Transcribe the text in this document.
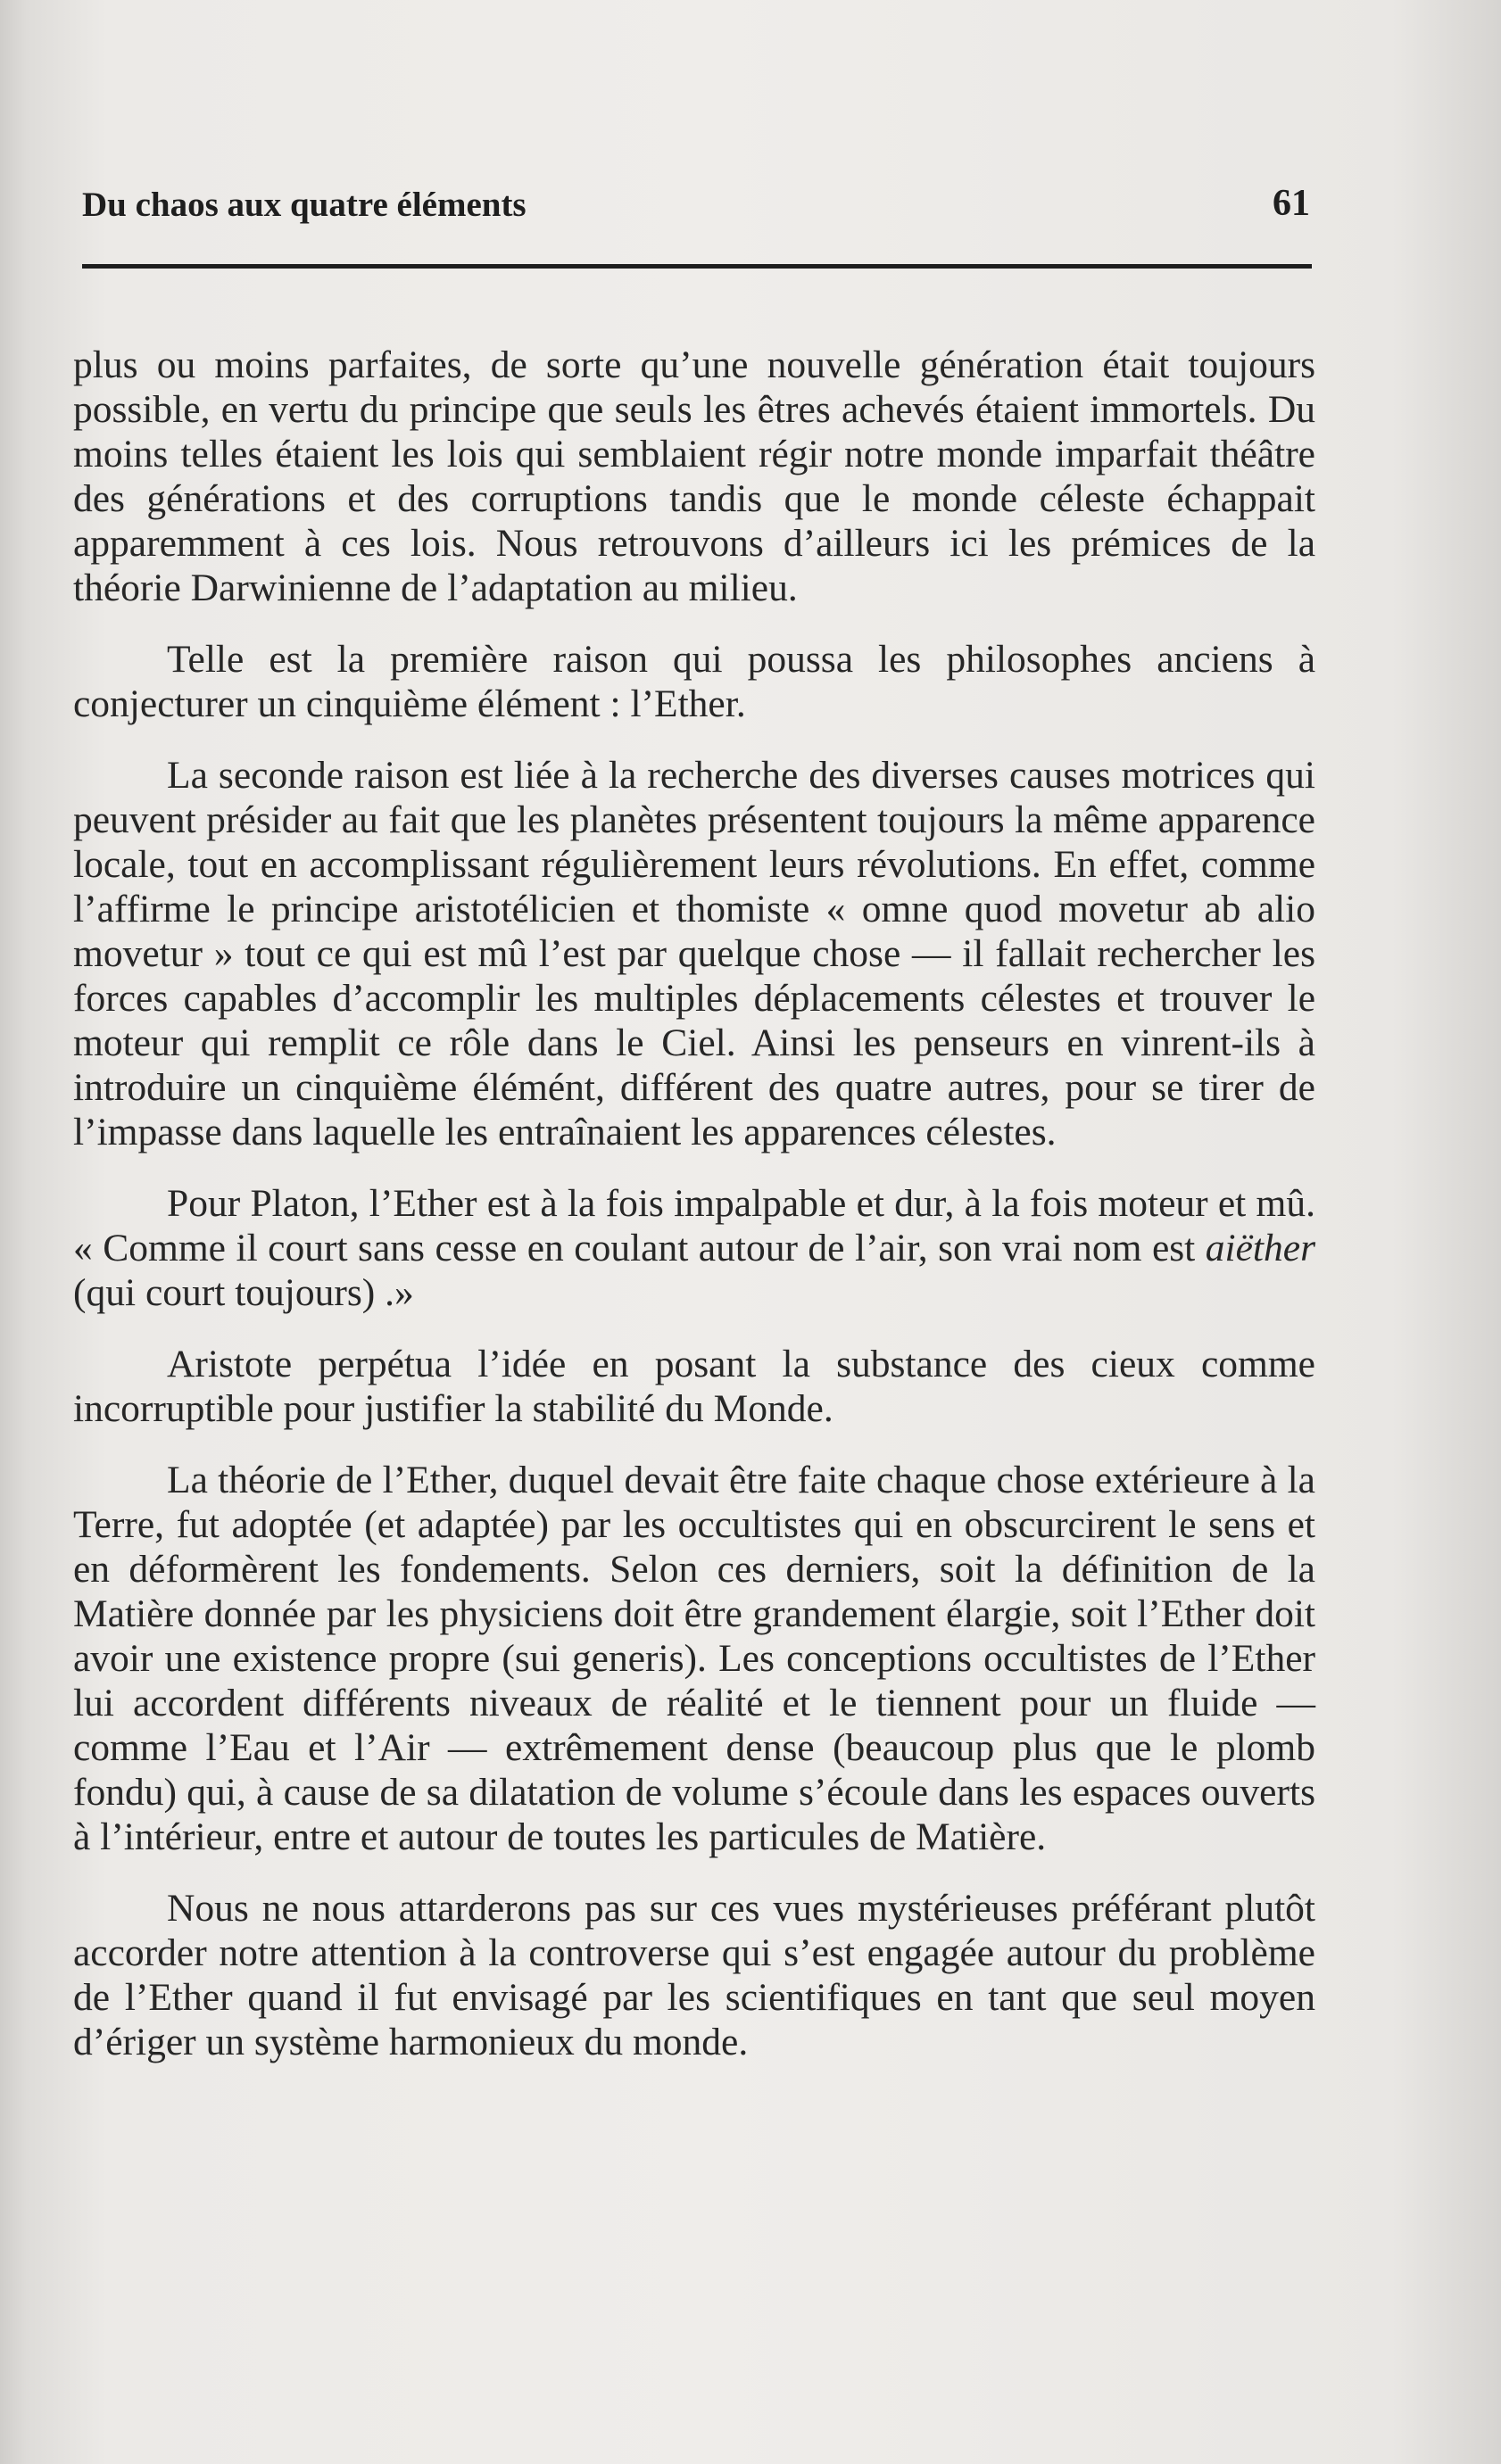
Du chaos aux quatre éléments	61

plus ou moins parfaites, de sorte qu’une nouvelle génération était toujours possible, en vertu du principe que seuls les êtres achevés étaient immortels. Du moins telles étaient les lois qui semblaient régir notre monde imparfait théâtre des générations et des corruptions tandis que le monde céleste échappait apparemment à ces lois. Nous retrouvons d’ailleurs ici les prémices de la théorie Darwinienne de l’adaptation au milieu.

Telle est la première raison qui poussa les philosophes anciens à conjecturer un cinquième élément : l’Ether.

La seconde raison est liée à la recherche des diverses causes motrices qui peuvent présider au fait que les planètes présentent toujours la même apparence locale, tout en accomplissant régulièrement leurs révolutions. En effet, comme l’affirme le principe aristotélicien et thomiste « omne quod movetur ab alio movetur » tout ce qui est mû l’est par quelque chose — il fallait rechercher les forces capables d’accomplir les multiples déplacements célestes et trouver le moteur qui remplit ce rôle dans le Ciel. Ainsi les penseurs en vinrent-ils à introduire un cinquième élémént, différent des quatre autres, pour se tirer de l’impasse dans laquelle les entraînaient les apparences célestes.

Pour Platon, l’Ether est à la fois impalpable et dur, à la fois moteur et mû. « Comme il court sans cesse en coulant autour de l’air, son vrai nom est aiëther (qui court toujours) .»

Aristote perpétua l’idée en posant la substance des cieux comme incorruptible pour justifier la stabilité du Monde.

La théorie de l’Ether, duquel devait être faite chaque chose extérieure à la Terre, fut adoptée (et adaptée) par les occultistes qui en obscurcirent le sens et en déformèrent les fondements. Selon ces derniers, soit la définition de la Matière donnée par les physiciens doit être grandement élargie, soit l’Ether doit avoir une existence propre (sui generis). Les conceptions occultistes de l’Ether lui accordent différents niveaux de réalité et le tiennent pour un fluide — comme l’Eau et l’Air — extrêmement dense (beaucoup plus que le plomb fondu) qui, à cause de sa dilatation de volume s’écoule dans les espaces ouverts à l’intérieur, entre et autour de toutes les particules de Matière.

Nous ne nous attarderons pas sur ces vues mystérieuses préférant plutôt accorder notre attention à la controverse qui s’est engagée autour du problème de l’Ether quand il fut envisagé par les scientifiques en tant que seul moyen d’ériger un système harmonieux du monde.
